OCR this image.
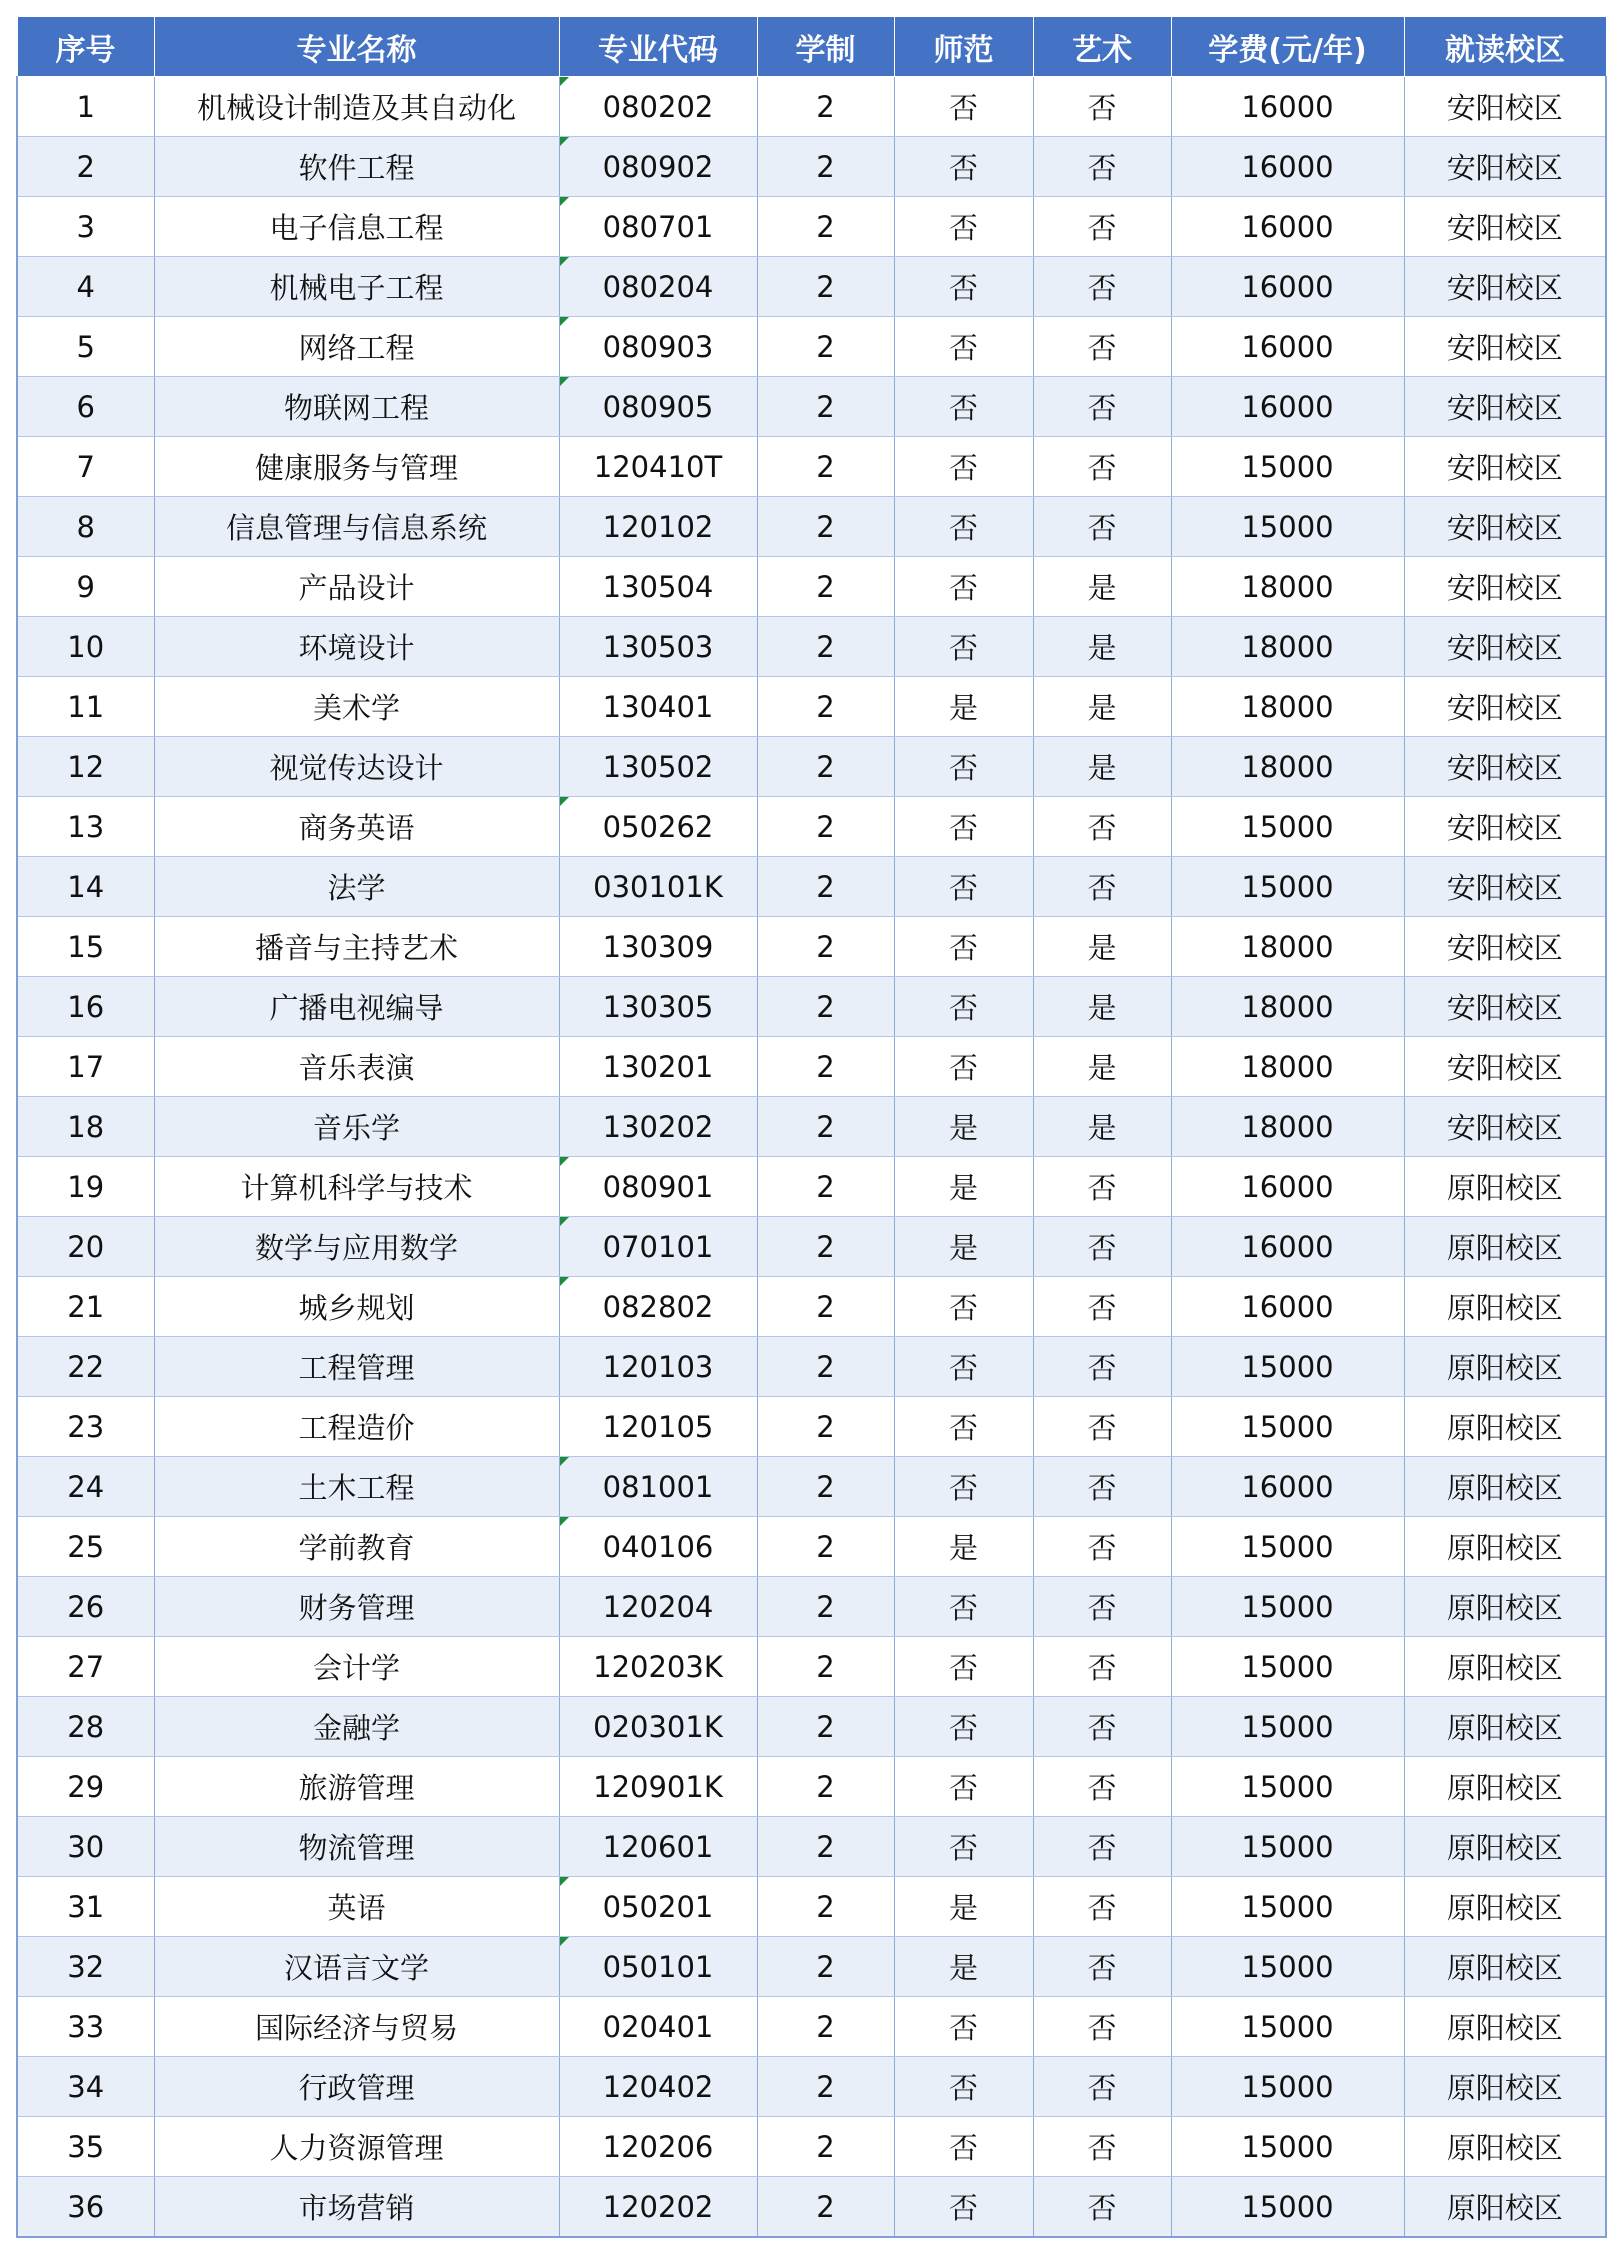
序号	专业名称	专业代码	学制	师范	艺术	学费(元/年)	就读校区
1	机械设计制造及其自动化	080202	2	否	否	16000	安阳校区
2	软件工程	080902	2	否	否	16000	安阳校区
3	电子信息工程	080701	2	否	否	16000	安阳校区
4	机械电子工程	080204	2	否	否	16000	安阳校区
5	网络工程	080903	2	否	否	16000	安阳校区
6	物联网工程	080905	2	否	否	16000	安阳校区
7	健康服务与管理	120410T	2	否	否	15000	安阳校区
8	信息管理与信息系统	120102	2	否	否	15000	安阳校区
9	产品设计	130504	2	否	是	18000	安阳校区
10	环境设计	130503	2	否	是	18000	安阳校区
11	美术学	130401	2	是	是	18000	安阳校区
12	视觉传达设计	130502	2	否	是	18000	安阳校区
13	商务英语	050262	2	否	否	15000	安阳校区
14	法学	030101K	2	否	否	15000	安阳校区
15	播音与主持艺术	130309	2	否	是	18000	安阳校区
16	广播电视编导	130305	2	否	是	18000	安阳校区
17	音乐表演	130201	2	否	是	18000	安阳校区
18	音乐学	130202	2	是	是	18000	安阳校区
19	计算机科学与技术	080901	2	是	否	16000	原阳校区
20	数学与应用数学	070101	2	是	否	16000	原阳校区
21	城乡规划	082802	2	否	否	16000	原阳校区
22	工程管理	120103	2	否	否	15000	原阳校区
23	工程造价	120105	2	否	否	15000	原阳校区
24	土木工程	081001	2	否	否	16000	原阳校区
25	学前教育	040106	2	是	否	15000	原阳校区
26	财务管理	120204	2	否	否	15000	原阳校区
27	会计学	120203K	2	否	否	15000	原阳校区
28	金融学	020301K	2	否	否	15000	原阳校区
29	旅游管理	120901K	2	否	否	15000	原阳校区
30	物流管理	120601	2	否	否	15000	原阳校区
31	英语	050201	2	是	否	15000	原阳校区
32	汉语言文学	050101	2	是	否	15000	原阳校区
33	国际经济与贸易	020401	2	否	否	15000	原阳校区
34	行政管理	120402	2	否	否	15000	原阳校区
35	人力资源管理	120206	2	否	否	15000	原阳校区
36	市场营销	120202	2	否	否	15000	原阳校区
